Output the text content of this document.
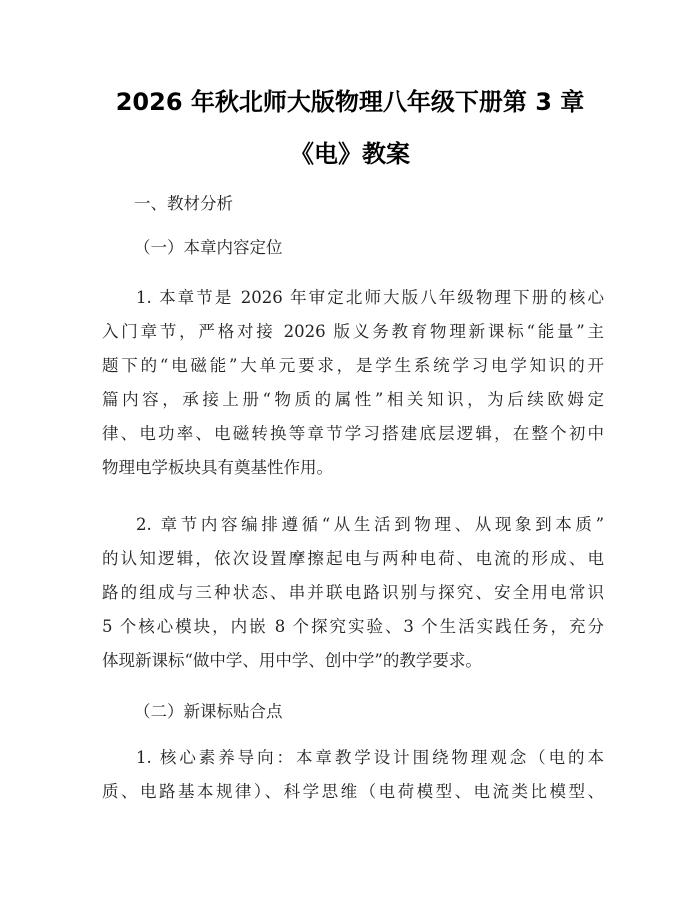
2026 年秋北师大版物理八年级下册第 3 章
《电》教案
一、教材分析
（一）本章内容定位
1. 本章节是 2026 年审定北师大版八年级物理下册的核心
入门章节，严格对接 2026 版义务教育物理新课标“能量”主
题下的“电磁能”大单元要求，是学生系统学习电学知识的开
篇内容，承接上册“物质的属性”相关知识，为后续欧姆定
律、电功率、电磁转换等章节学习搭建底层逻辑，在整个初中
物理电学板块具有奠基性作用。
2. 章节内容编排遵循“从生活到物理、从现象到本质”
的认知逻辑，依次设置摩擦起电与两种电荷、电流的形成、电
路的组成与三种状态、串并联电路识别与探究、安全用电常识
5 个核心模块，内嵌 8 个探究实验、3 个生活实践任务，充分
体现新课标“做中学、用中学、创中学”的教学要求。
（二）新课标贴合点
1. 核心素养导向：本章教学设计围绕物理观念（电的本
质、电路基本规律）、科学思维（电荷模型、电流类比模型、
